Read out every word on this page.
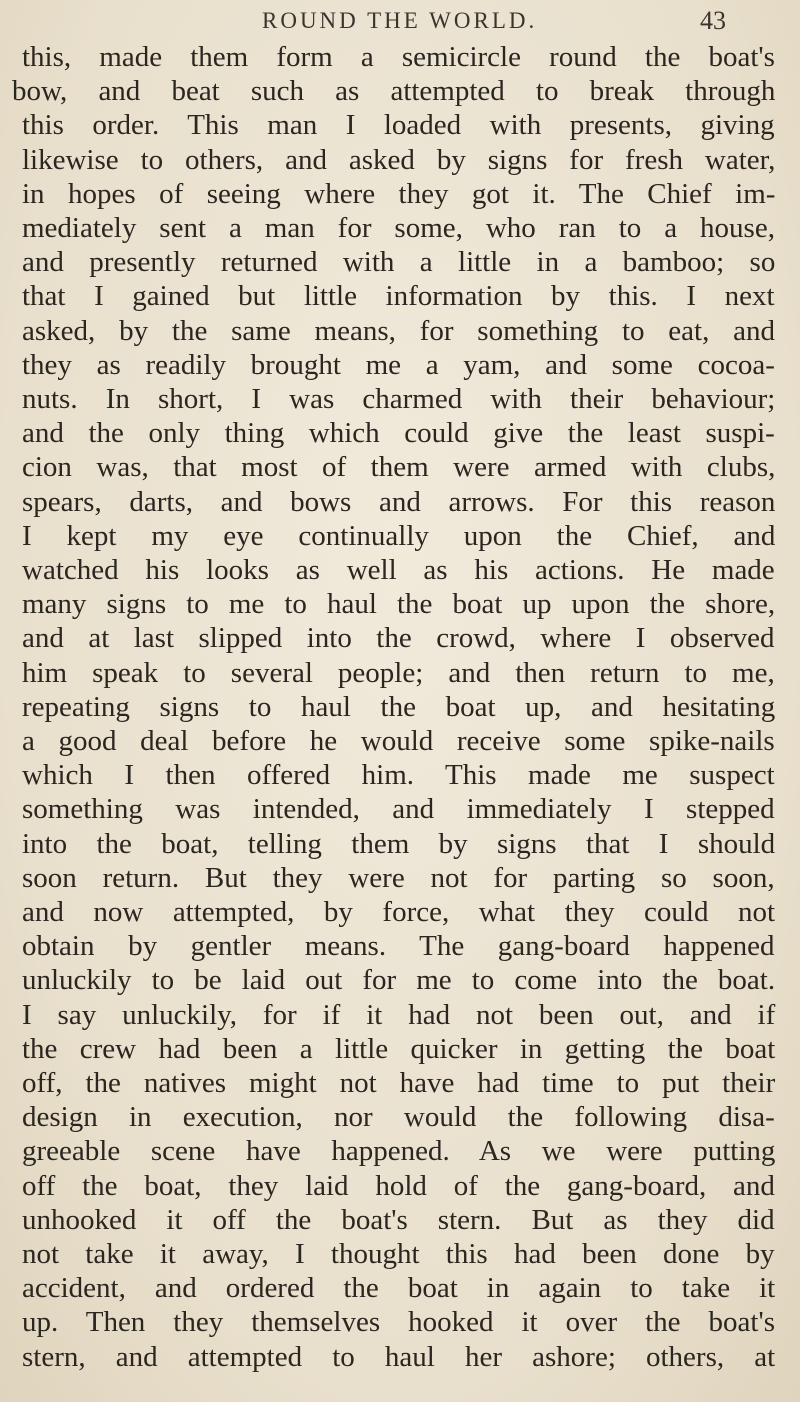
ROUND THE WORLD.	43
this, made them form a semicircle round the boat's
bow, and beat such as attempted to break through
this order. This man I loaded with presents, giving
likewise to others, and asked by signs for fresh water,
in hopes of seeing where they got it. The Chief im-
mediately sent a man for some, who ran to a house,
and presently returned with a little in a bamboo; so
that I gained but little information by this. I next
asked, by the same means, for something to eat, and
they as readily brought me a yam, and some cocoa-
nuts. In short, I was charmed with their behaviour;
and the only thing which could give the least suspi-
cion was, that most of them were armed with clubs,
spears, darts, and bows and arrows. For this reason
I kept my eye continually upon the Chief, and
watched his looks as well as his actions. He made
many signs to me to haul the boat up upon the shore,
and at last slipped into the crowd, where I observed
him speak to several people; and then return to me,
repeating signs to haul the boat up, and hesitating
a good deal before he would receive some spike-nails
which I then offered him. This made me suspect
something was intended, and immediately I stepped
into the boat, telling them by signs that I should
soon return. But they were not for parting so soon,
and now attempted, by force, what they could not
obtain by gentler means. The gang-board happened
unluckily to be laid out for me to come into the boat.
I say unluckily, for if it had not been out, and if
the crew had been a little quicker in getting the boat
off, the natives might not have had time to put their
design in execution, nor would the following disa-
greeable scene have happened. As we were putting
off the boat, they laid hold of the gang-board, and
unhooked it off the boat's stern. But as they did
not take it away, I thought this had been done by
accident, and ordered the boat in again to take it
up. Then they themselves hooked it over the boat's
stern, and attempted to haul her ashore; others, at
